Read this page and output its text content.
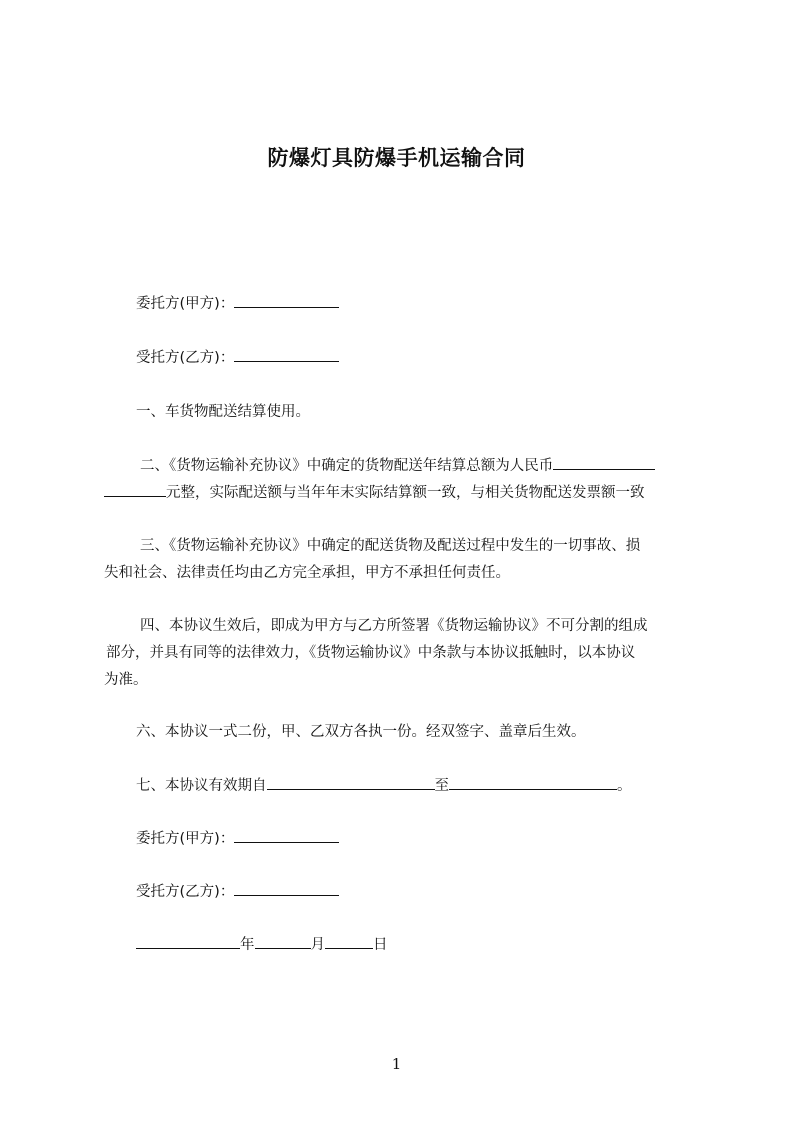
防爆灯具防爆手机运输合同
委托方(甲方)：
受托方(乙方)：
一、车货物配送结算使用。
二、《货物运输补充协议》中确定的货物配送年结算总额为人民币
元整，实际配送额与当年年末实际结算额一致，与相关货物配送发票额一致
三、《货物运输补充协议》中确定的配送货物及配送过程中发生的一切事故、损
失和社会、法律责任均由乙方完全承担，甲方不承担任何责任。
四、本协议生效后，即成为甲方与乙方所签署《货物运输协议》不可分割的组成
部分，并具有同等的法律效力，《货物运输协议》中条款与本协议抵触时，以本协议
为准。
六、本协议一式二份，甲、乙双方各执一份。经双签字、盖章后生效。
七、本协议有效期自	至	。
委托方(甲方)：
受托方(乙方)：
年	月	日
1
